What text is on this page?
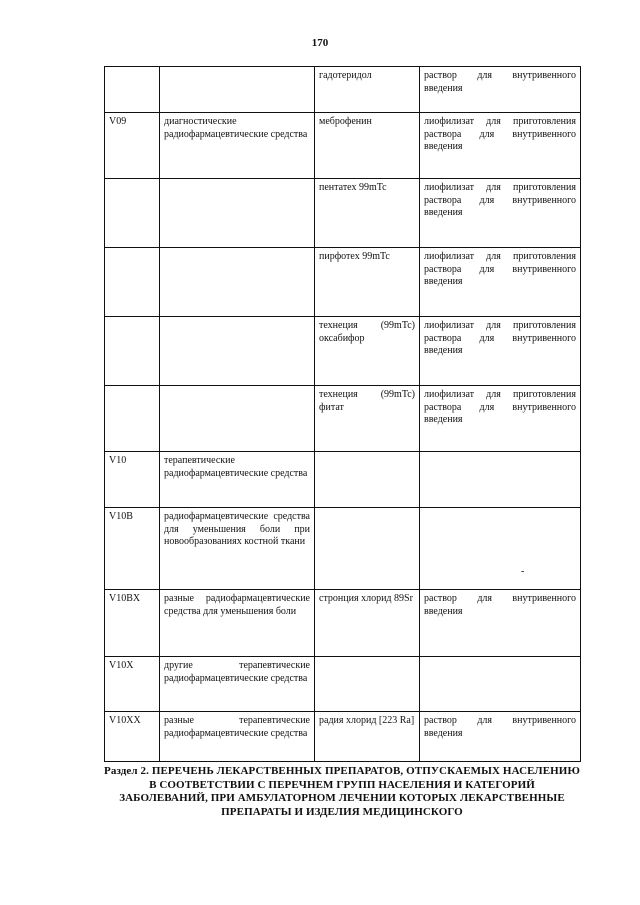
170
		гадотеридол	раствор для внутривенного введения
V09	диагностические радиофармацевтические средства	меброфенин	лиофилизат для приготовления раствора для внутривенного введения
		пентатех 99mTc	лиофилизат для приготовления раствора для внутривенного введения
		пирфотех 99mTc	лиофилизат для приготовления раствора для внутривенного введения
		технеция (99mTc) оксабифор	лиофилизат для приготовления раствора для внутривенного введения
		технеция (99mTc) фитат	лиофилизат для приготовления раствора для внутривенного введения
V10	терапевтические радиофармацевтические средства		
V10B	радиофармацевтические средства для уменьшения боли при новообразованиях костной ткани		
V10BX	разные радиофармацевтические средства для уменьшения боли	стронция хлорид 89Sr	раствор для внутривенного введения
V10X	другие терапевтические радиофармацевтические средства		
V10XX	разные терапевтические радиофармацевтические средства	радия хлорид [223 Ra]	раствор для внутривенного введения
-
Раздел 2. ПЕРЕЧЕНЬ ЛЕКАРСТВЕННЫХ ПРЕПАРАТОВ, ОТПУСКАЕМЫХ НАСЕЛЕНИЮ В СООТВЕТСТВИИ С ПЕРЕЧНЕМ ГРУПП НАСЕЛЕНИЯ И КАТЕГОРИЙ ЗАБОЛЕВАНИЙ, ПРИ АМБУЛАТОРНОМ ЛЕЧЕНИИ КОТОРЫХ ЛЕКАРСТВЕННЫЕ ПРЕПАРАТЫ И ИЗДЕЛИЯ МЕДИЦИНСКОГО
